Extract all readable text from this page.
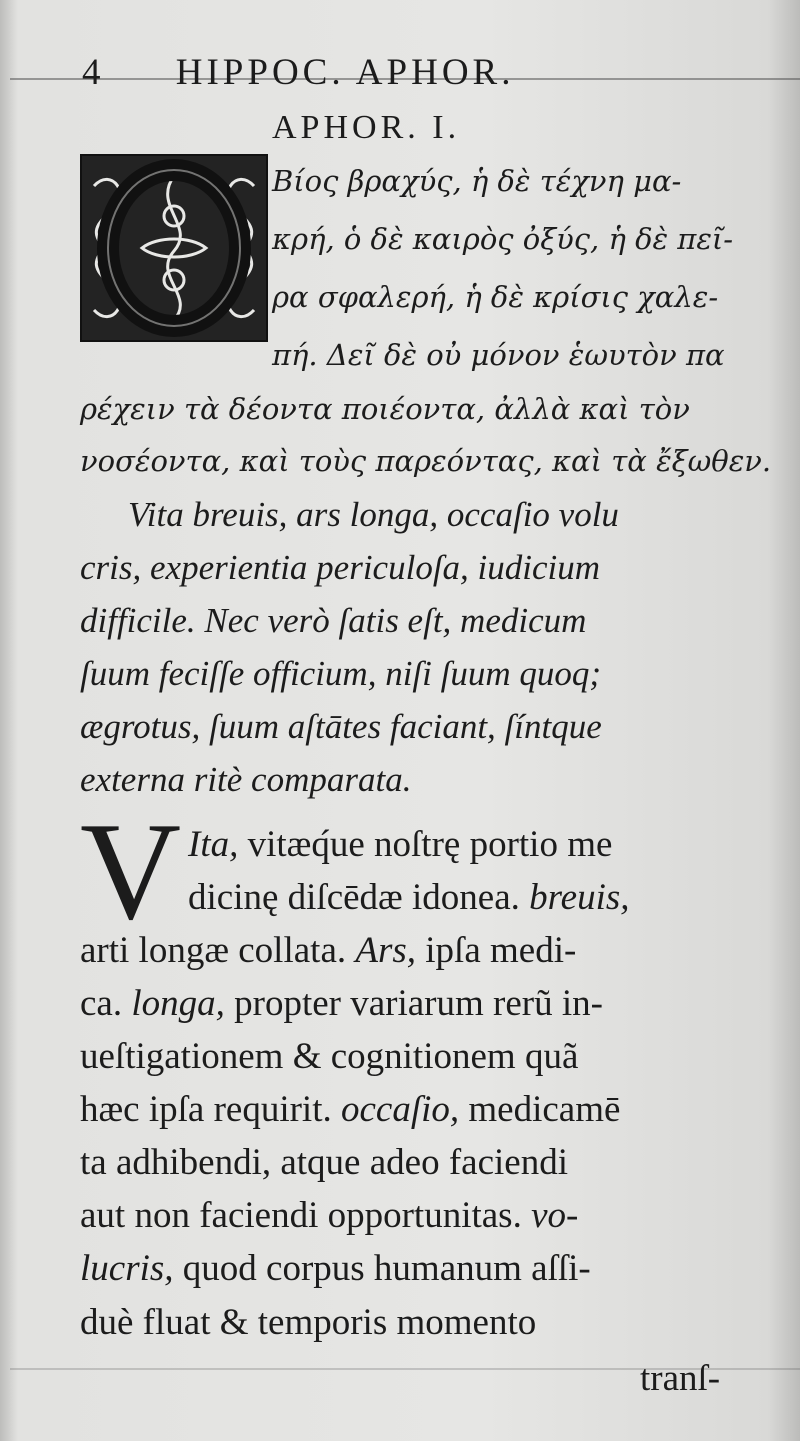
4 HIPPOC. APHOR.
APHOR. I.
Βίος βραχύς, ἡ δὲ τέχνη μα-
κρή, ὁ δὲ καιρὸς ὀξύς, ἡ δὲ πεῖ-
ρα σφαλερή, ἡ δὲ κρίσις χαλε-
πή. Δεῖ δὲ οὐ μόνον ἑωυτὸν πα
ρέχειν τὰ δέοντα ποιέοντα, ἀλλὰ καὶ τὸν
νοσέοντα, καὶ τοὺς παρεόντας, καὶ τὰ ἔξωθεν.
Vita breuis, ars longa, occaſio volu
cris, experientia periculoſa, iudicium
difficile. Nec verò ſatis eſt, medicum
ſuum feciſſe officium, niſi ſuum quoq;
ægrotus, ſuum aſtātes faciant, ſíntque
externa ritè comparata.
V Ita, vitæq́ue noſtrę portio me
dicinę diſcēdæ idonea. breuis,
arti longæ collata. Ars, ipſa medi-
ca. longa, propter variarum rerũ in-
ueſtigationem & cognitionem quã
hæc ipſa requirit. occaſio, medicamē
ta adhibendi, atque adeo faciendi
aut non faciendi opportunitas. vo-
lucris, quod corpus humanum aſſi-
duè fluat & temporis momento
tranſ-
